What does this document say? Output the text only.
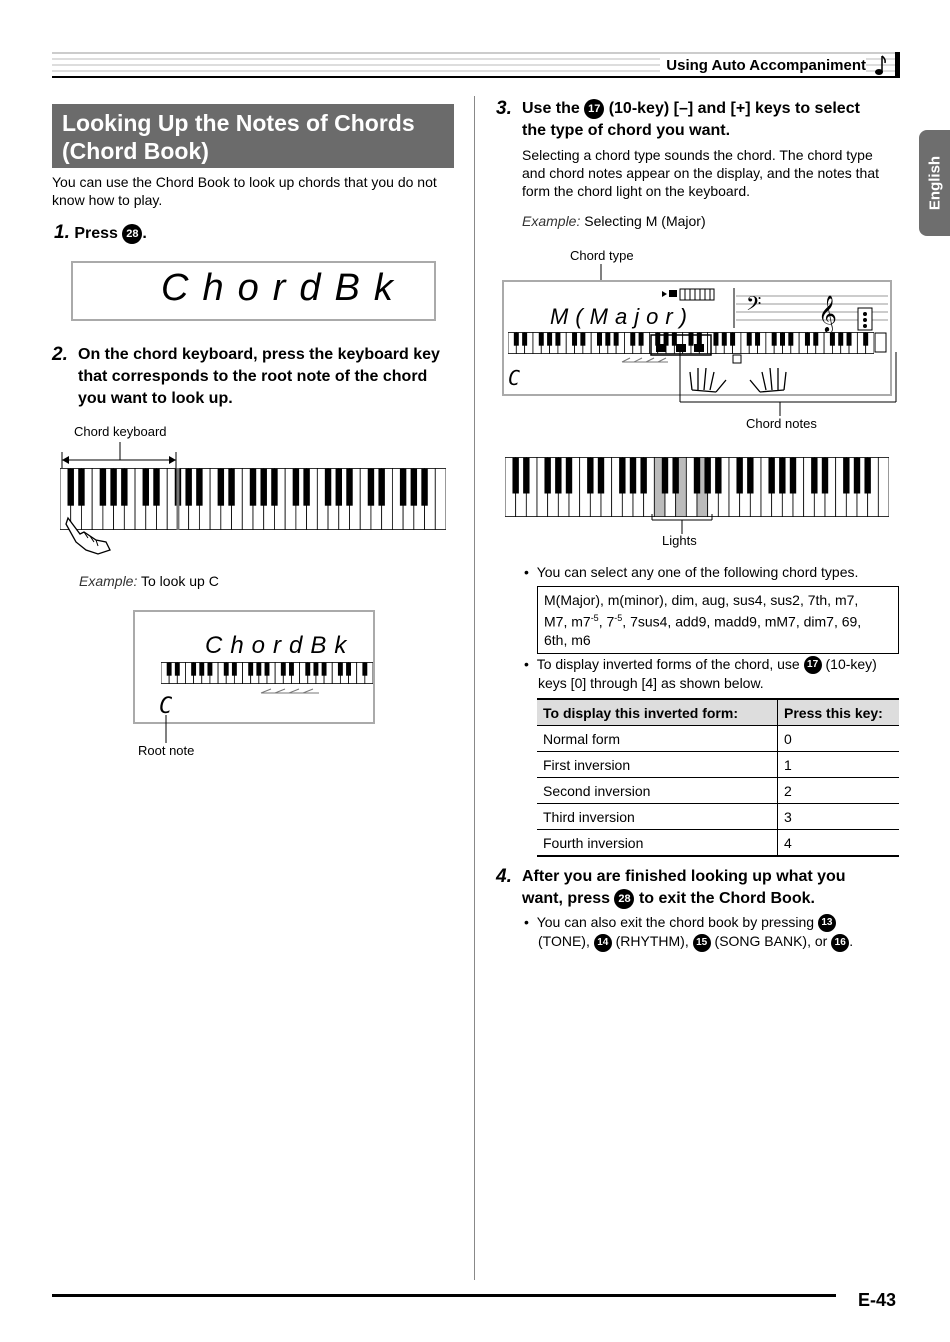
Using Auto Accompaniment
English
Looking Up the Notes of Chords
(Chord Book)
You can use the Chord Book to look up chords that you do not
know how to play.
1. Press 28 .
ChordBk
2. On the chord keyboard, press the keyboard key
that corresponds to the root note of the chord
you want to look up.
Chord keyboard
Example: To look up C
ChordBk
C
Root note
3. Use the 17 (10-key) [–] and [+] keys to select
the type of chord you want.
Selecting a chord type sounds the chord. The chord type
and chord notes appear on the display, and the notes that
form the chord light on the keyboard.
Example: Selecting M (Major)
Chord type
M(Major) 𝄢 𝄞
C
Chord notes
Lights
•  You can select any one of the following chord types.
M(Major), m(minor), dim, aug, sus4, sus2, 7th, m7,
M7, $m7^{-5}$, $7^{-5}$, 7sus4, add9, madd9, mM7, dim7, 69,
6th, m6
•  To display inverted forms of the chord, use 17 (10-key)
keys [0] through [4] as shown below.
To display this inverted form:	Press this key:
Normal form	0
First inversion	1
Second inversion	2
Third inversion	3
Fourth inversion	4
4. After you are finished looking up what you
want, press 28 to exit the Chord Book.
•  You can also exit the chord book by pressing 13
(TONE), 14 (RHYTHM), 15 (SONG BANK), or 16 .
E-43
